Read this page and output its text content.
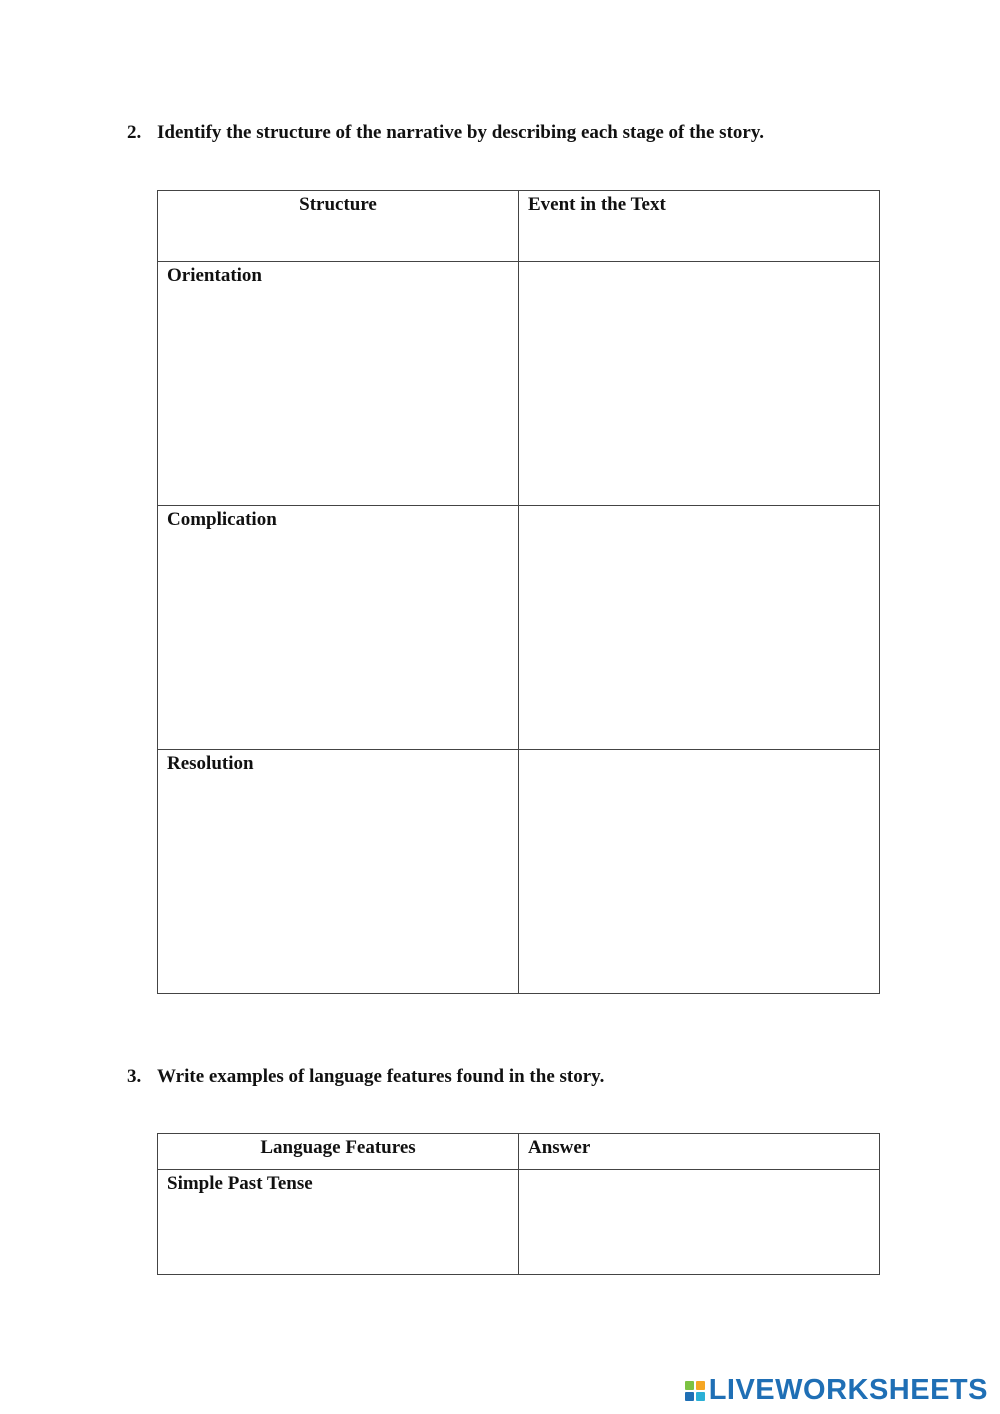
2. Identify the structure of the narrative by describing each stage of the story.
Structure	Event in the Text

Orientation	

Complication	

Resolution	

3. Write examples of language features found in the story.
Language Features	Answer

Simple Past Tense	

LIVEWORKSHEETS
